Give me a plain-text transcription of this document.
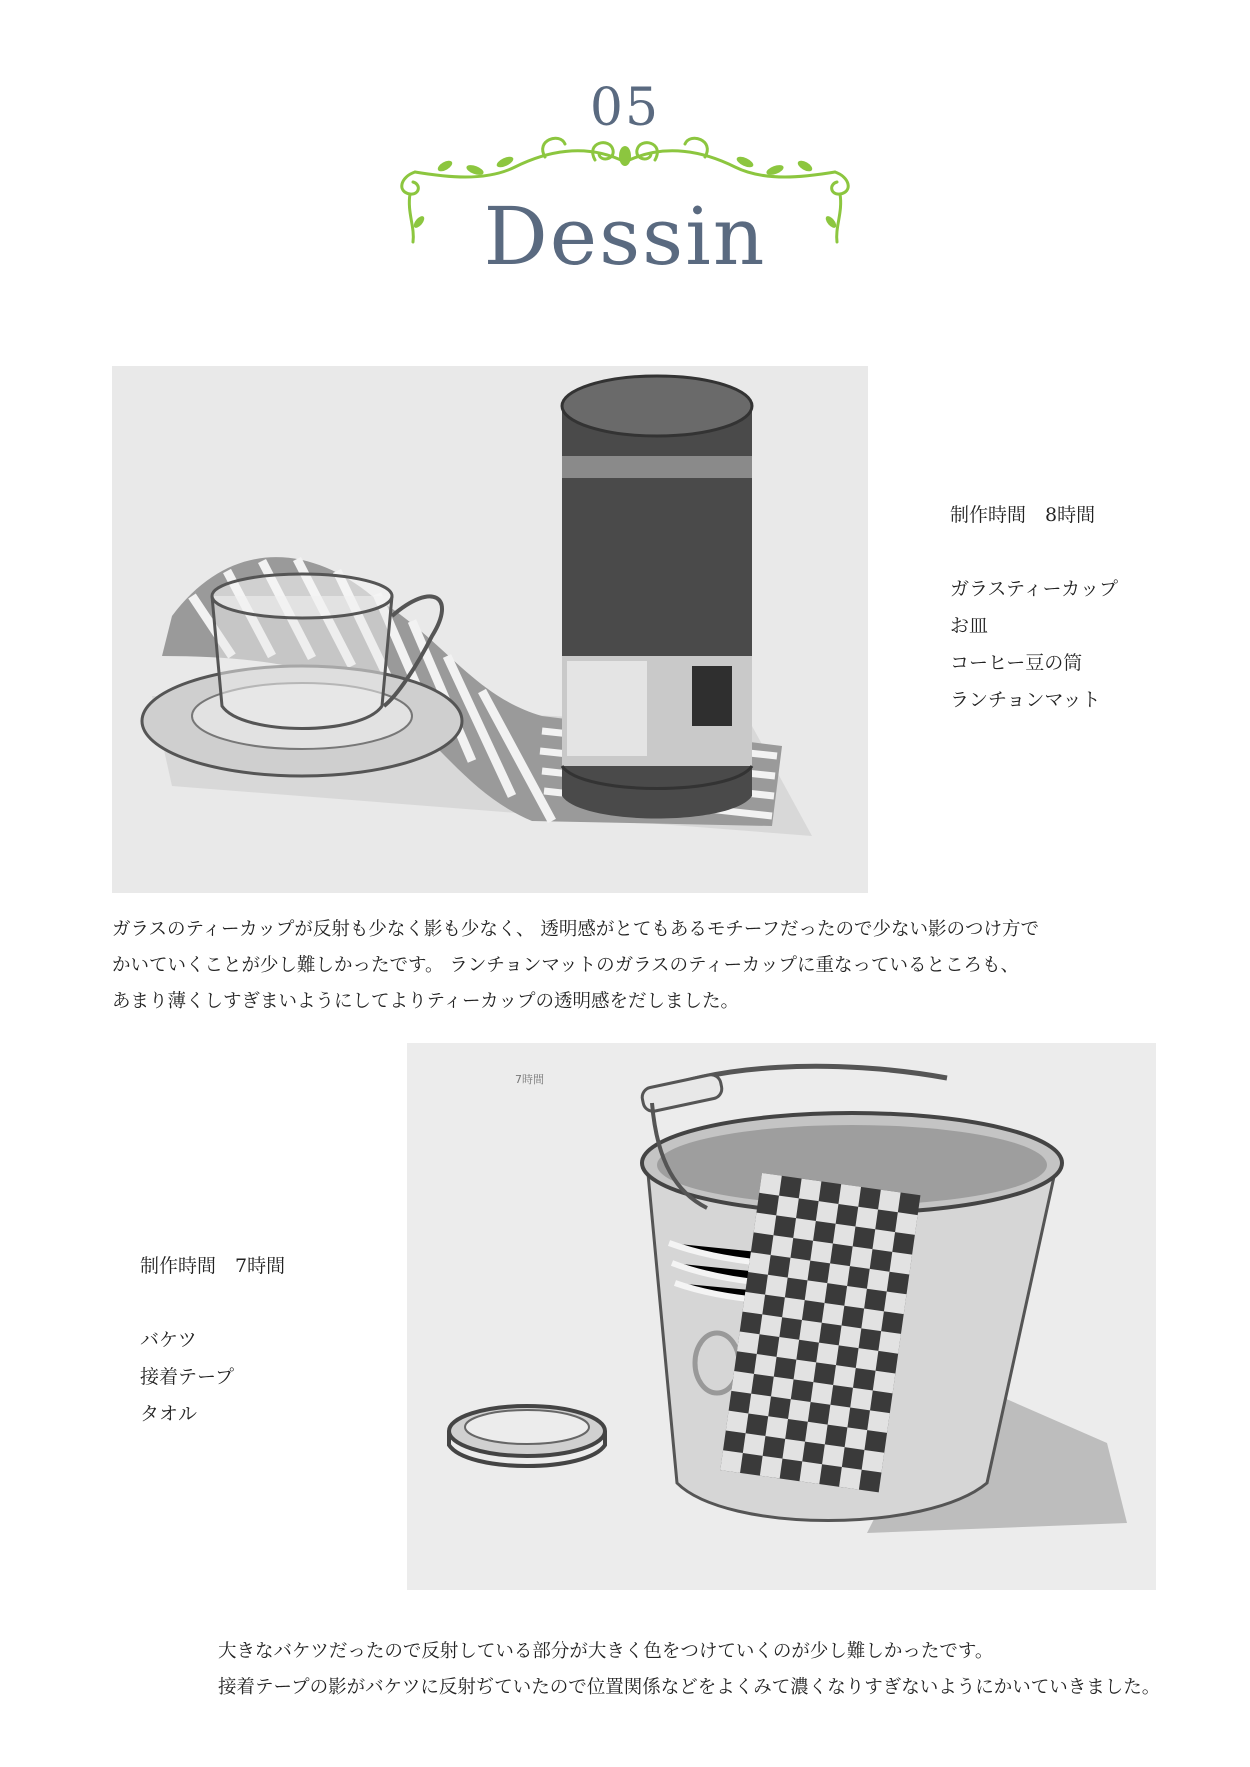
05
Dessin
制作時間　8時間
ガラスティーカップ
お皿
コーヒー豆の筒
ランチョンマット
ガラスのティーカップが反射も少なく影も少なく、 透明感がとてもあるモチーフだったので少ない影のつけ方で
かいていくことが少し難しかったです。 ランチョンマットのガラスのティーカップに重なっているところも、
あまり薄くしすぎまいようにしてよりティーカップの透明感をだしました。
7時間
制作時間　7時間
バケツ
接着テープ
タオル
大きなバケツだったので反射している部分が大きく色をつけていくのが少し難しかったです。
接着テープの影がバケツに反射ぢていたので位置関係などをよくみて濃くなりすぎないようにかいていきました。
